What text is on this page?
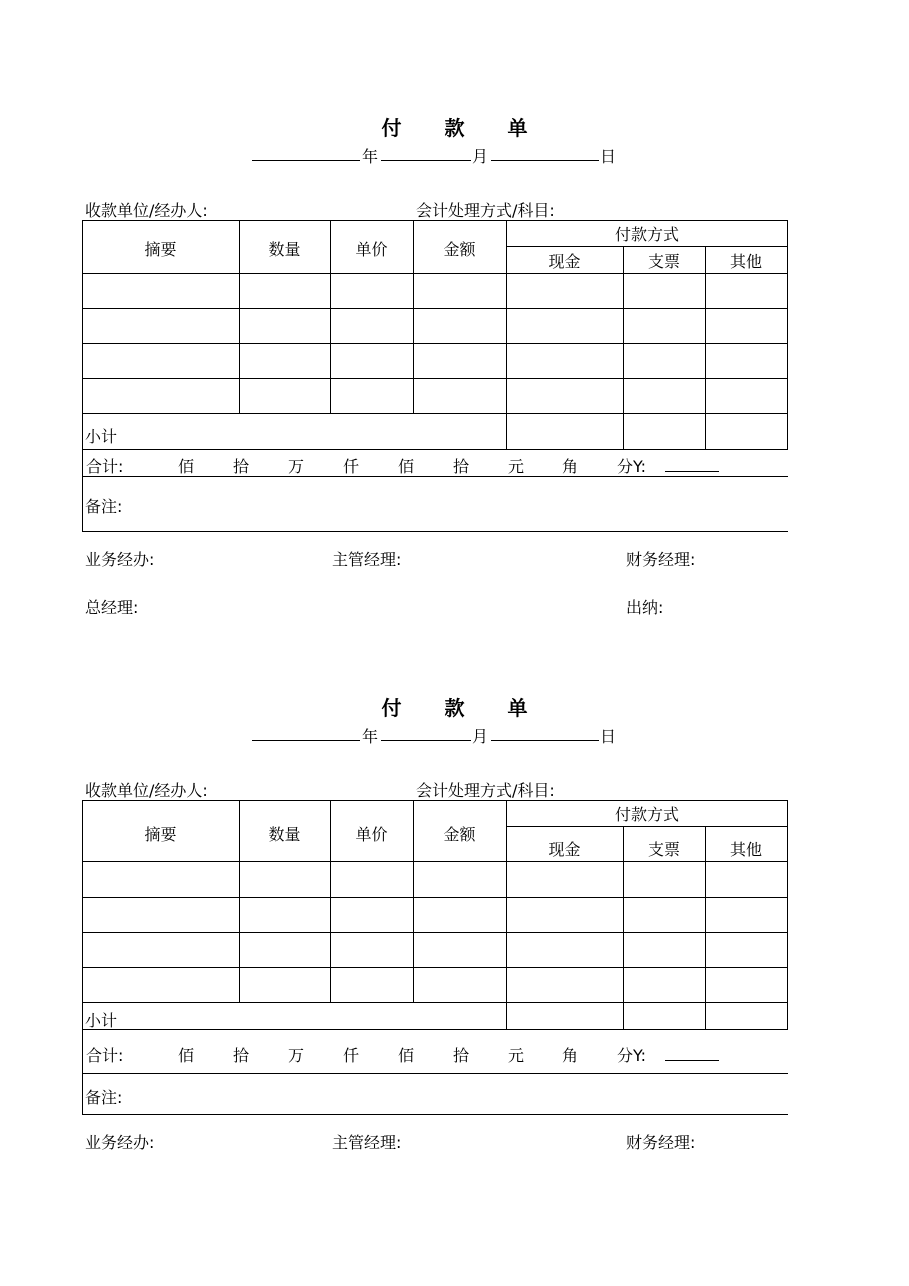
付 款 单
年	月	日
收款单位/经办人:	会计处理方式/科目:
摘要	数量	单价	金额
付款方式
现金	支票	其他
小计
合计:	佰 拾 万 仟 佰 拾 元 角 分Y:
备注:
业务经办:	主管经理:	财务经理:
总经理:	出纳:
付 款 单
年	月	日
收款单位/经办人:	会计处理方式/科目:
摘要	数量	单价	金额
付款方式
现金	支票	其他
小计
合计:	佰 拾 万 仟 佰 拾 元 角 分Y:
备注:
业务经办:	主管经理:	财务经理:
